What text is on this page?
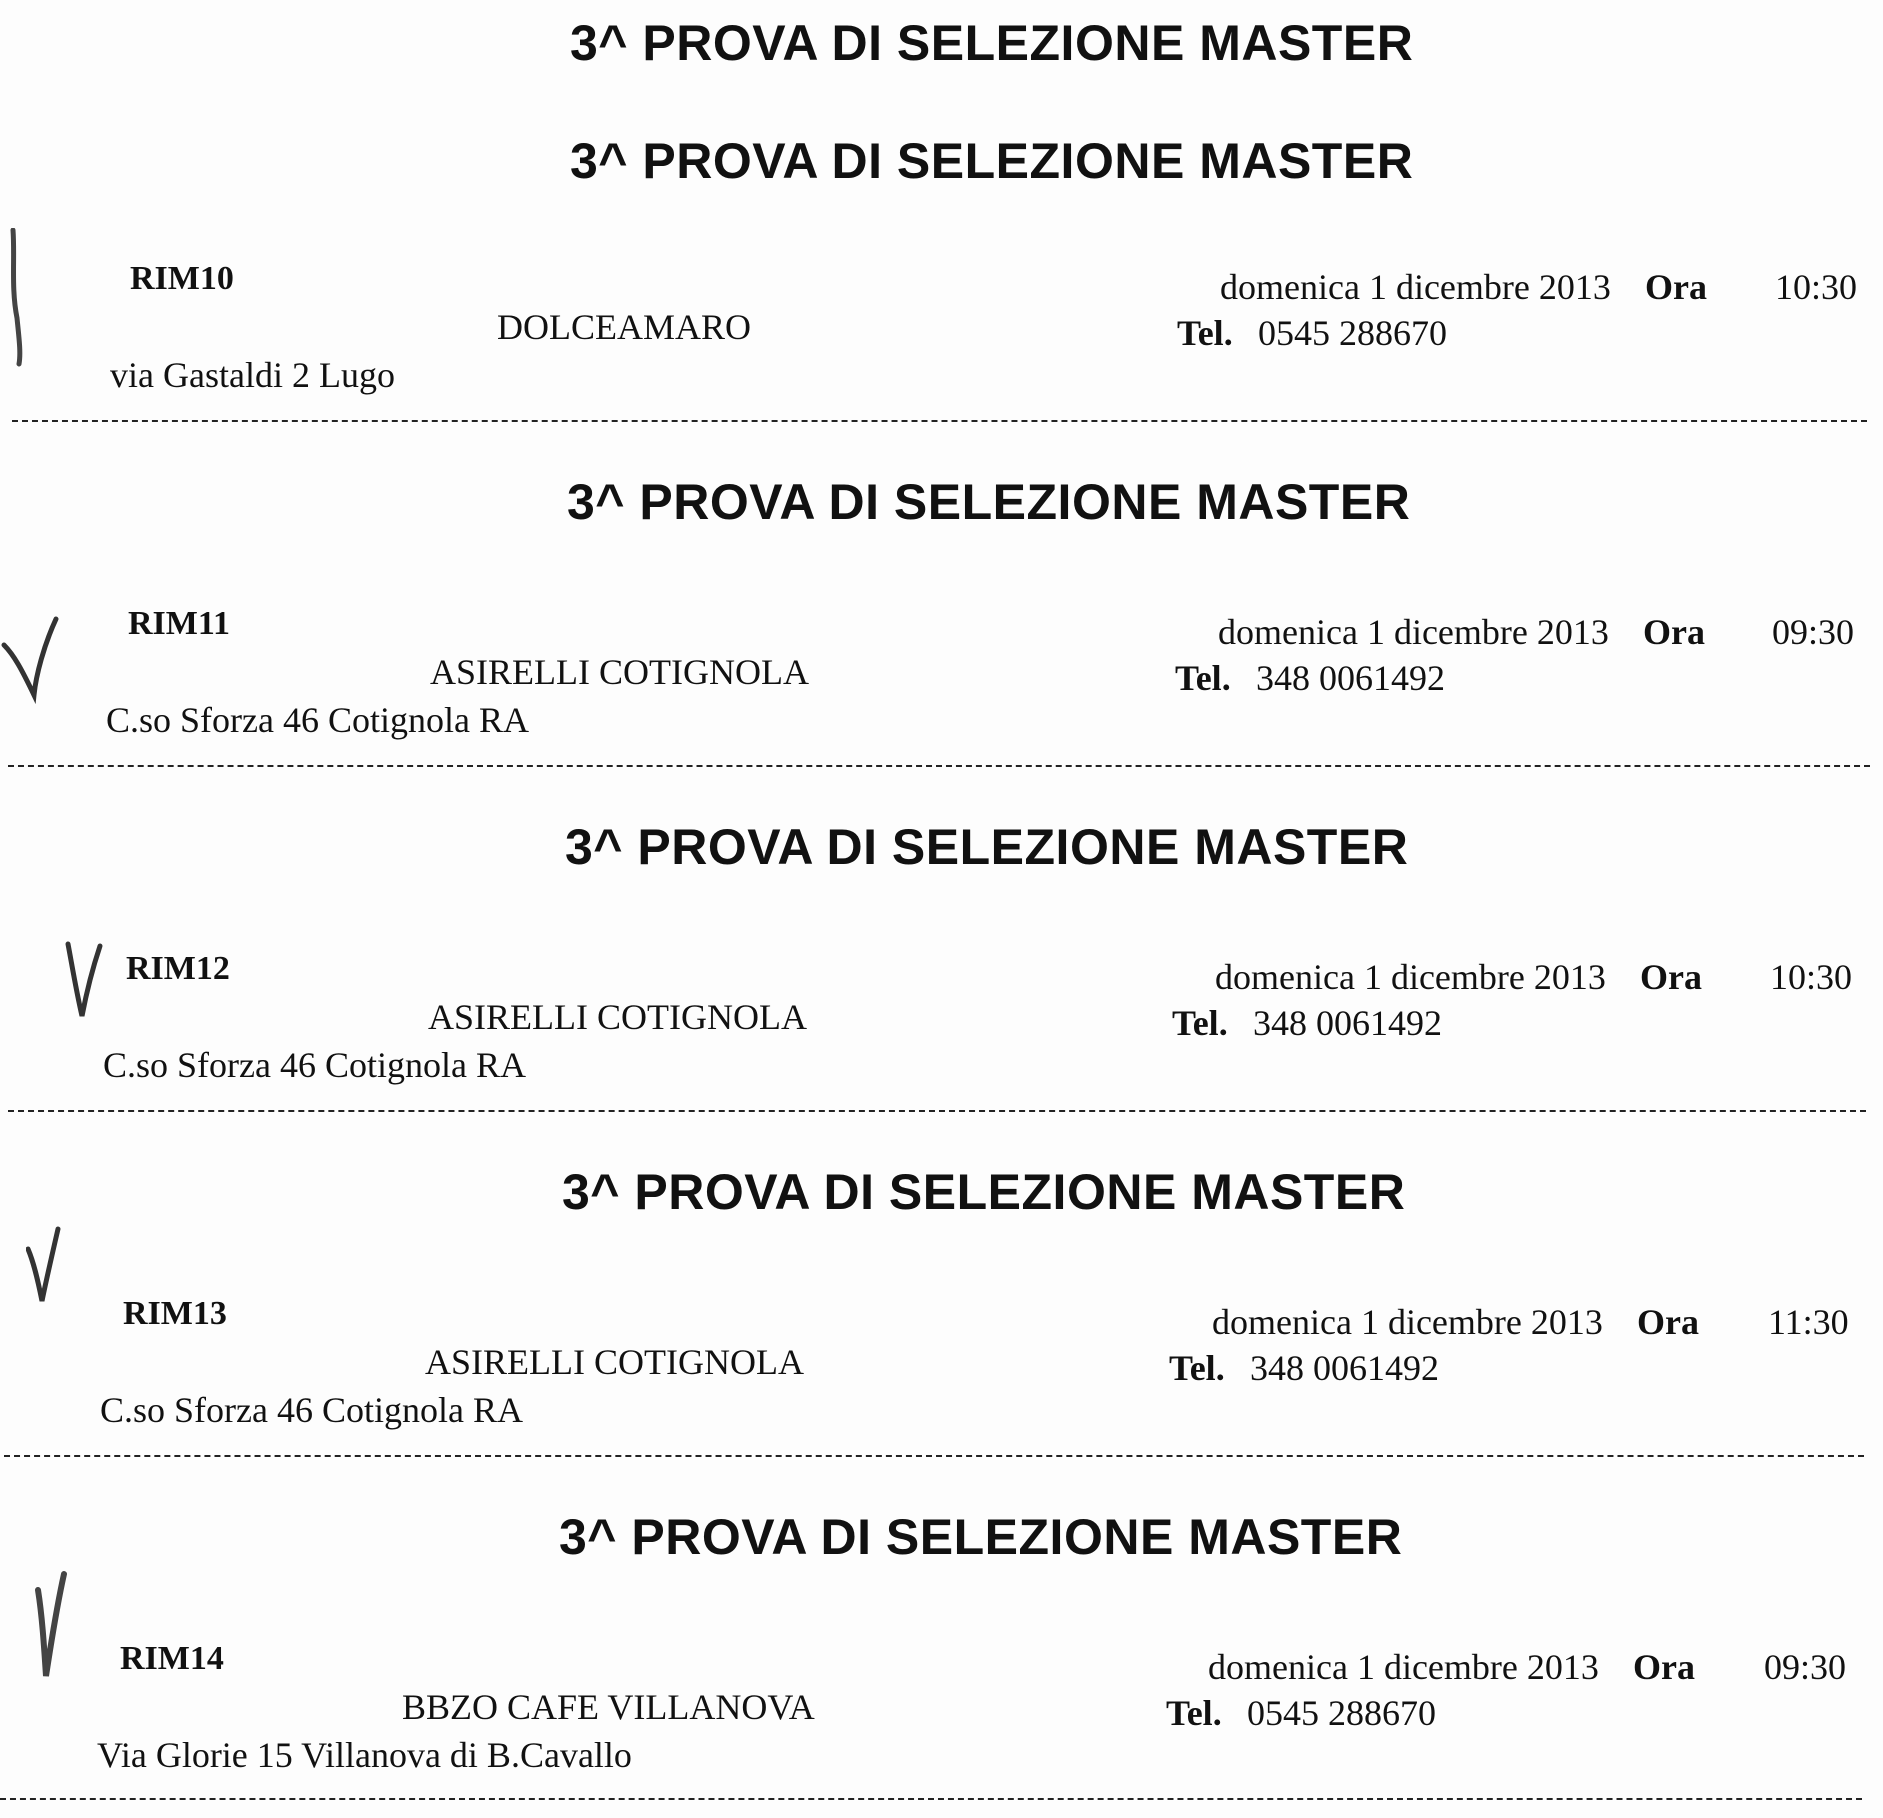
3^ PROVA DI SELEZIONE MASTER
3^ PROVA DI SELEZIONE MASTER
RIM10	domenica 1 dicembre 2013 Ora 10:30
DOLCEAMARO	Tel. 0545 288670
via Gastaldi 2 Lugo
3^ PROVA DI SELEZIONE MASTER
RIM11	domenica 1 dicembre 2013 Ora 09:30
ASIRELLI COTIGNOLA	Tel. 348 0061492
C.so Sforza 46 Cotignola RA
3^ PROVA DI SELEZIONE MASTER
RIM12	domenica 1 dicembre 2013 Ora 10:30
ASIRELLI COTIGNOLA	Tel. 348 0061492
C.so Sforza 46 Cotignola RA
3^ PROVA DI SELEZIONE MASTER
RIM13	domenica 1 dicembre 2013 Ora 11:30
ASIRELLI COTIGNOLA	Tel. 348 0061492
C.so Sforza 46 Cotignola RA
3^ PROVA DI SELEZIONE MASTER
RIM14	domenica 1 dicembre 2013 Ora 09:30
BBZO CAFE VILLANOVA	Tel. 0545 288670
Via Glorie 15 Villanova di B.Cavallo
